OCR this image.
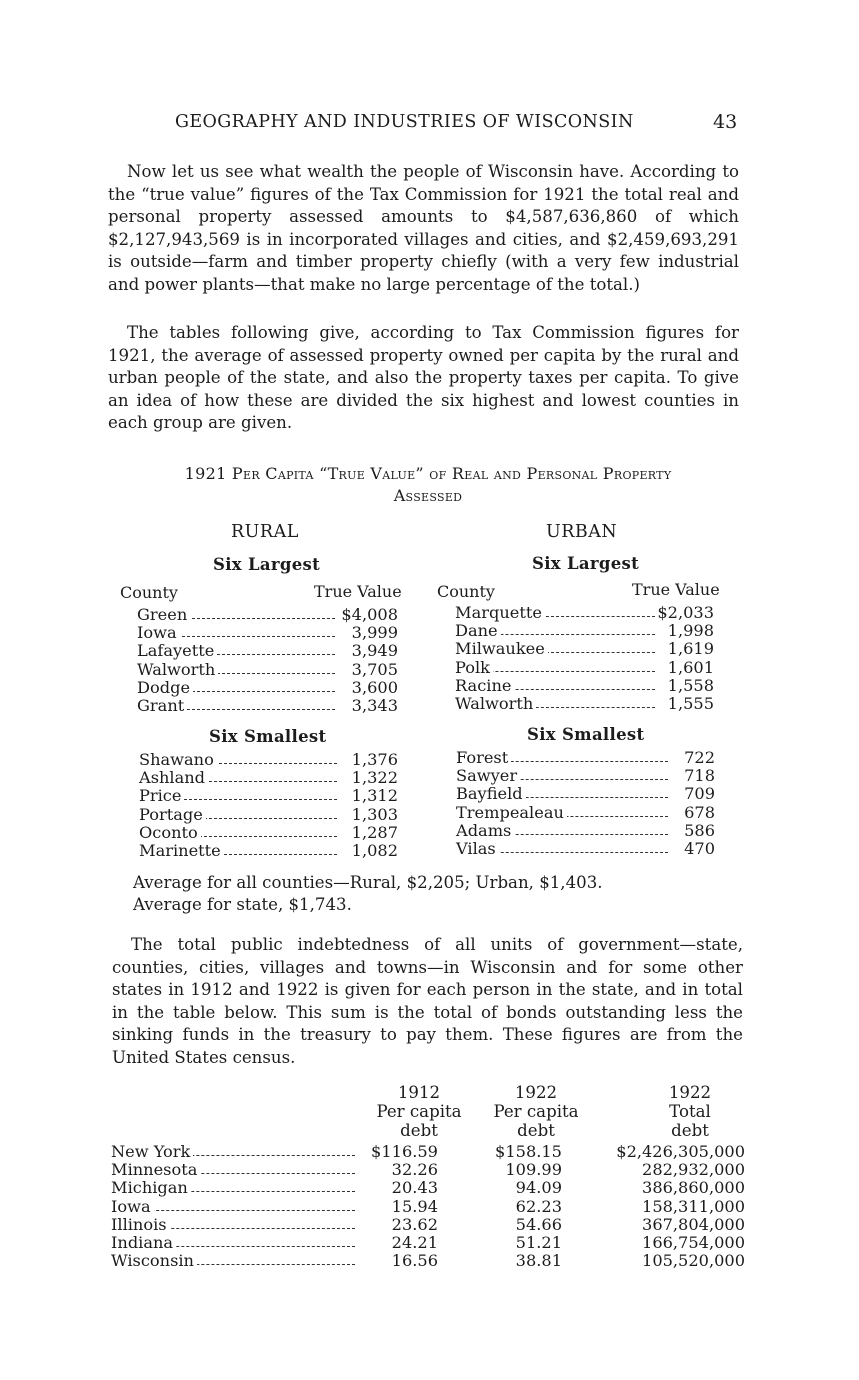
GEOGRAPHY AND INDUSTRIES OF WISCONSIN	43
Now let us see what wealth the people of Wisconsin have. According to the “true value” figures of the Tax Commission for 1921 the total real and personal property assessed amounts to $4,587,636,860 of which $2,127,943,569 is in incorporated villages and cities, and $2,459,693,291 is outside—farm and timber property chiefly (with a very few industrial and power plants—that make no large percentage of the total.)
The tables following give, according to Tax Commission figures for 1921, the average of assessed property owned per capita by the rural and urban people of the state, and also the property taxes per capita. To give an idea of how these are divided the six highest and lowest counties in each group are given.
1921 Per Capita “True Value” of Real and Personal Property
Assessed
RURAL
Six Largest
County	True Value
Green	$4,008
Iowa	3,999
Lafayette	3,949
Walworth	3,705
Dodge	3,600
Grant	3,343
Six Smallest
Shawano	1,376
Ashland	1,322
Price	1,312
Portage	1,303
Oconto	1,287
Marinette	1,082
URBAN
Six Largest
County	True Value
Marquette	$2,033
Dane	1,998
Milwaukee	1,619
Polk	1,601
Racine	1,558
Walworth	1,555
Six Smallest
Forest	722
Sawyer	718
Bayfield	709
Trempealeau	678
Adams	586
Vilas	470
Average for all counties—Rural, $2,205; Urban, $1,403.
Average for state, $1,743.
The total public indebtedness of all units of government—state, counties, cities, villages and towns—in Wisconsin and for some other states in 1912 and 1922 is given for each person in the state, and in total in the table below. This sum is the total of bonds outstanding less the sinking funds in the treasury to pay them. These figures are from the United States census.
1912
Per capita
debt
1922
Per capita
debt
1922
Total
debt
New York	$116.59	$158.15	$2,426,305,000
Minnesota	32.26	109.99	282,932,000
Michigan	20.43	94.09	386,860,000
Iowa	15.94	62.23	158,311,000
Illinois	23.62	54.66	367,804,000
Indiana	24.21	51.21	166,754,000
Wisconsin	16.56	38.81	105,520,000
